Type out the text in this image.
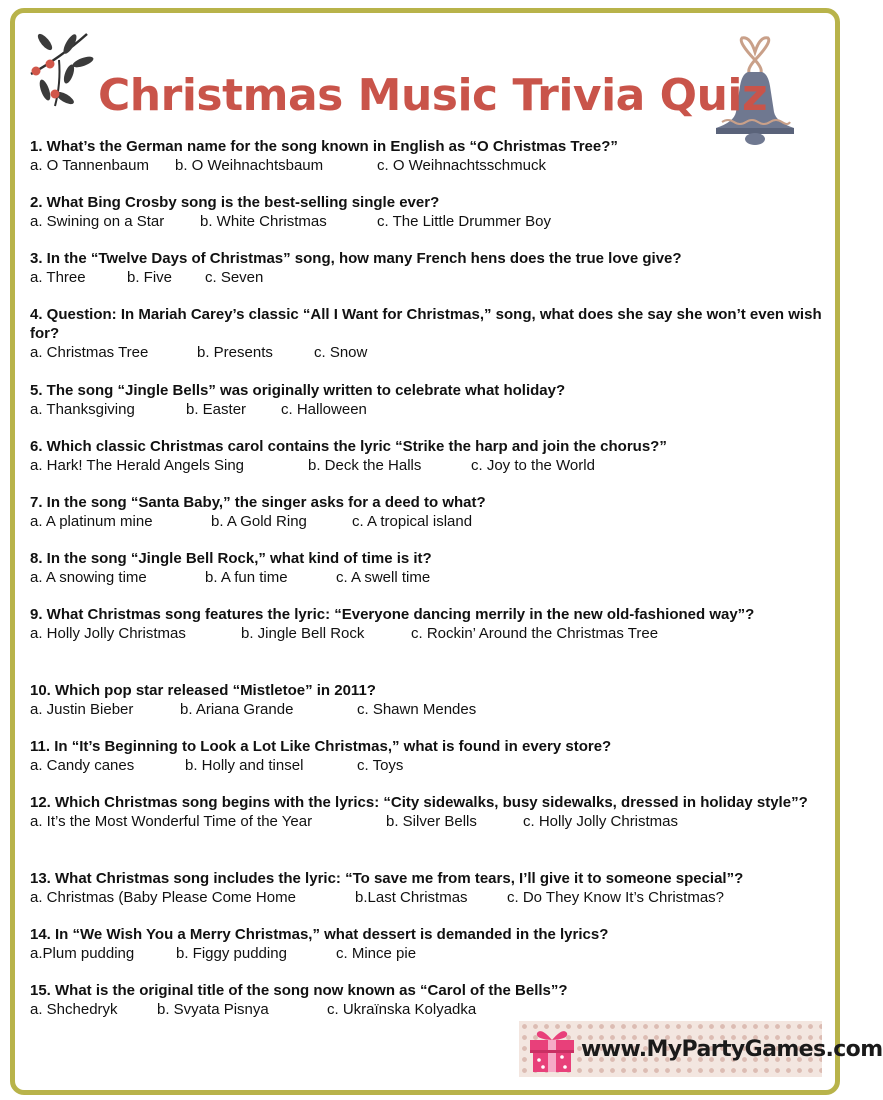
Christmas Music Trivia Quiz
1. What’s the German name for the song known in English as “O Christmas Tree?”
a. O Tannenbaum b. O Weihnachtsbaum	c. O Weihnachtsschmuck
2. What Bing Crosby song is the best-selling single ever?
a. Swining on a Star b. White Christmas	c. The Little Drummer Boy
3. In the “Twelve Days of Christmas” song, how many French hens does the true love give?
a. Three	b. Five c. Seven
4. Question: In Mariah Carey’s classic “All I Want for Christmas,” song, what does she say she won’t even wish for?
a. Christmas Tree	b. Presents	c. Snow
5. The song “Jingle Bells” was originally written to celebrate what holiday?
a. Thanksgiving	b. Easter c. Halloween
6. Which classic Christmas carol contains the lyric “Strike the harp and join the chorus?”
a. Hark! The Herald Angels Sing	b. Deck the Halls	c. Joy to the World
7. In the song “Santa Baby,” the singer asks for a deed to what?
a. A platinum mine	b. A Gold Ring	c. A tropical island
8. In the song “Jingle Bell Rock,” what kind of time is it?
a. A snowing time	b. A fun time	c. A swell time
9. What Christmas song features the lyric: “Everyone dancing merrily in the new old-fashioned way”?
a. Holly Jolly Christmas	b. Jingle Bell Rock	c. Rockin’ Around the Christmas Tree
10. Which pop star released “Mistletoe” in 2011?
a. Justin Bieber	b. Ariana Grande	c. Shawn Mendes
11. In “It’s Beginning to Look a Lot Like Christmas,” what is found in every store?
a. Candy canes	b. Holly and tinsel	c. Toys
12. Which Christmas song begins with the lyrics: “City sidewalks, busy sidewalks, dressed in holiday style”?
a. It’s the Most Wonderful Time of the Year	b. Silver Bells	c. Holly Jolly Christmas
13. What Christmas song includes the lyric: “To save me from tears, I’ll give it to someone special”?
a. Christmas (Baby Please Come Home	b.Last Christmas	c. Do They Know It’s Christmas?
14. In “We Wish You a Merry Christmas,” what dessert is demanded in the lyrics?
a.Plum pudding	b. Figgy pudding	c. Mince pie
15. What is the original title of the song now known as “Carol of the Bells”?
a. Shchedryk	b. Svyata Pisnya	c. Ukraïnska Kolyadka
www.MyPartyGames.com
